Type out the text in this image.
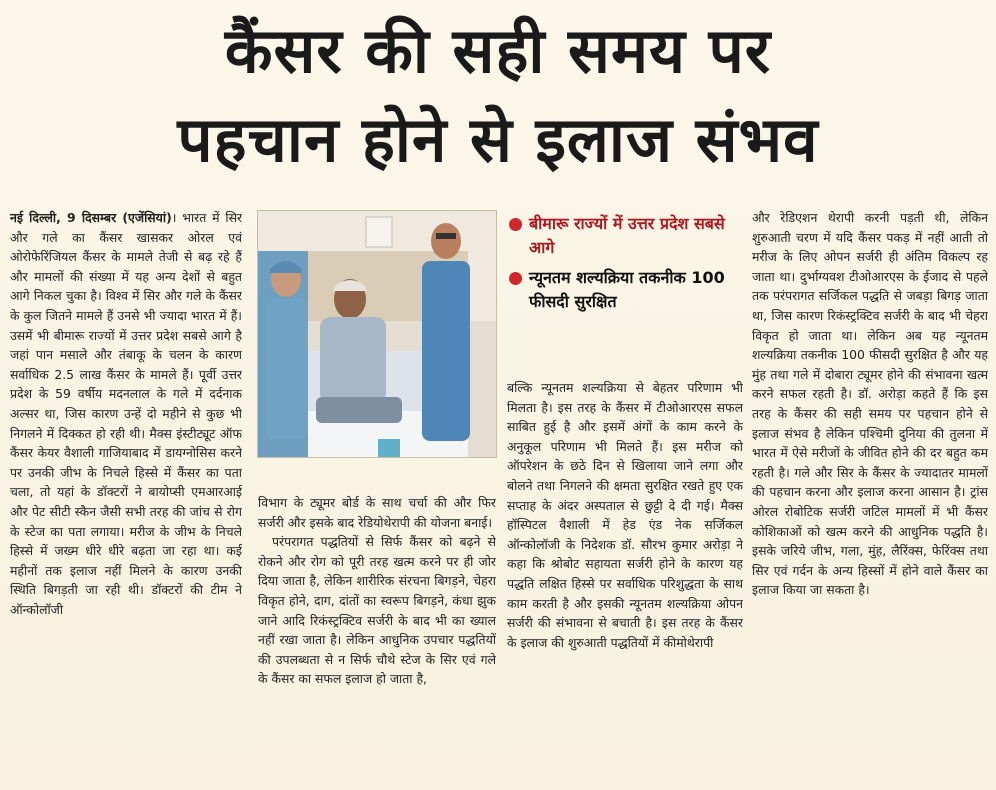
कैंसर की सही समय पर
पहचान होने से इलाज संभव

नई दिल्ली, 9 दिसम्बर (एजेंसियां)। भारत में सिर और गले का कैंसर खासकर ओरल एवं ओरोफेरिंजियल कैंसर के मामले तेजी से बढ़ रहे हैं और मामलों की संख्या में यह अन्य देशों से बहुत आगे निकल चुका है। विश्व में सिर और गले के कैंसर के कुल जितने मामले हैं उनसे भी ज्यादा भारत में हैं। उसमें भी बीमारू राज्यों में उत्तर प्रदेश सबसे आगे है जहां पान मसाले और तंबाकू के चलन के कारण सर्वाधिक 2.5 लाख कैंसर के मामले हैं। पूर्वी उत्तर प्रदेश के 59 वर्षीय मदनलाल के गले में दर्दनाक अल्सर था, जिस कारण उन्हें दो महीने से कुछ भी निगलने में दिक्कत हो रही थी। मैक्स इंस्टीट्यूट ऑफ कैंसर केयर वैशाली गाजियाबाद में डायग्नोसिस करने पर उनकी जीभ के निचले हिस्से में कैंसर का पता चला, तो यहां के डॉक्टरों ने बायोप्सी एमआरआई और पेट सीटी स्कैन जैसी सभी तरह की जांच से रोग के स्टेज का पता लगाया। मरीज के जीभ के निचले हिस्से में जख्म धीरे धीरे बढ़ता जा रहा था। कई महीनों तक इलाज नहीं मिलने के कारण उनकी स्थिति बिगड़ती जा रही थी। डॉक्टरों की टीम ने ऑन्कोलॉजी

विभाग के ट्यूमर बोर्ड के साथ चर्चा की और फिर सर्जरी और इसके बाद रेडियोथेरापी की योजना बनाई।

परंपरागत पद्धतियों से सिर्फ कैंसर को बढ़ने से रोकने और रोग को पूरी तरह खत्म करने पर ही जोर दिया जाता है, लेकिन शारीरिक संरचना बिगड़ने, चेहरा विकृत होने, दाग, दांतों का स्वरूप बिगड़ने, कंधा झुक जाने आदि रिकंस्ट्रक्टिव सर्जरी के बाद भी का ख्याल नहीं रखा जाता है। लेकिन आधुनिक उपचार पद्धतियों की उपलब्धता से न सिर्फ चौथे स्टेज के सिर एवं गले के कैंसर का सफल इलाज हो जाता है,

बीमारू राज्यों में उत्तर प्रदेश सबसे आगे
न्यूनतम शल्यक्रिया तकनीक 100 फीसदी सुरक्षित

बल्कि न्यूनतम शल्यक्रिया से बेहतर परिणाम भी मिलता है। इस तरह के कैंसर में टीओआरएस सफल साबित हुई है और इसमें अंगों के काम करने के अनुकूल परिणाम भी मिलते हैं। इस मरीज को ऑपरेशन के छठे दिन से खिलाया जाने लगा और बोलने तथा निगलने की क्षमता सुरक्षित रखते हुए एक सप्ताह के अंदर अस्पताल से छुट्टी दे दी गई। मैक्स हॉस्पिटल वैशाली में हेड एंड नेक सर्जिकल ऑन्कोलॉजी के निदेशक डॉ. सौरभ कुमार अरोड़ा ने कहा कि श्रोबोट सहायता सर्जरी होने के कारण यह पद्धति लक्षित हिस्से पर सर्वाधिक परिशुद्धता के साथ काम करती है और इसकी न्यूनतम शल्यक्रिया ओपन सर्जरी की संभावना से बचाती है। इस तरह के कैंसर के इलाज की शुरुआती पद्धतियों में कीमोथेरापी

और रेडिएशन थेरापी करनी पड़ती थी, लेकिन शुरुआती चरण में यदि कैंसर पकड़ में नहीं आती तो मरीज के लिए ओपन सर्जरी ही अंतिम विकल्प रह जाता था। दुर्भाग्यवश टीओआरएस के ईजाद से पहले तक परंपरागत सर्जिकल पद्धति से जबड़ा बिगड़ जाता था, जिस कारण रिकंस्ट्रक्टिव सर्जरी के बाद भी चेहरा विकृत हो जाता था। लेकिन अब यह न्यूनतम शल्यक्रिया तकनीक 100 फीसदी सुरक्षित है और यह मुंह तथा गले में दोबारा ट्यूमर होने की संभावना खत्म करने सफल रहती है। डॉ. अरोड़ा कहते हैं कि इस तरह के कैंसर की सही समय पर पहचान होने से इलाज संभव है लेकिन पश्चिमी दुनिया की तुलना में भारत में ऐसे मरीजों के जीवित होने की दर बहुत कम रहती है। गले और सिर के कैंसर के ज्यादातर मामलों की पहचान करना और इलाज करना आसान है। ट्रांस ओरल रोबोटिक सर्जरी जटिल मामलों में भी कैंसर कोशिकाओं को खत्म करने की आधुनिक पद्धति है। इसके जरिये जीभ, गला, मुंह, लैरिंक्स, फेरिंक्स तथा सिर एवं गर्दन के अन्य हिस्सों में होने वाले कैंसर का इलाज किया जा सकता है।
